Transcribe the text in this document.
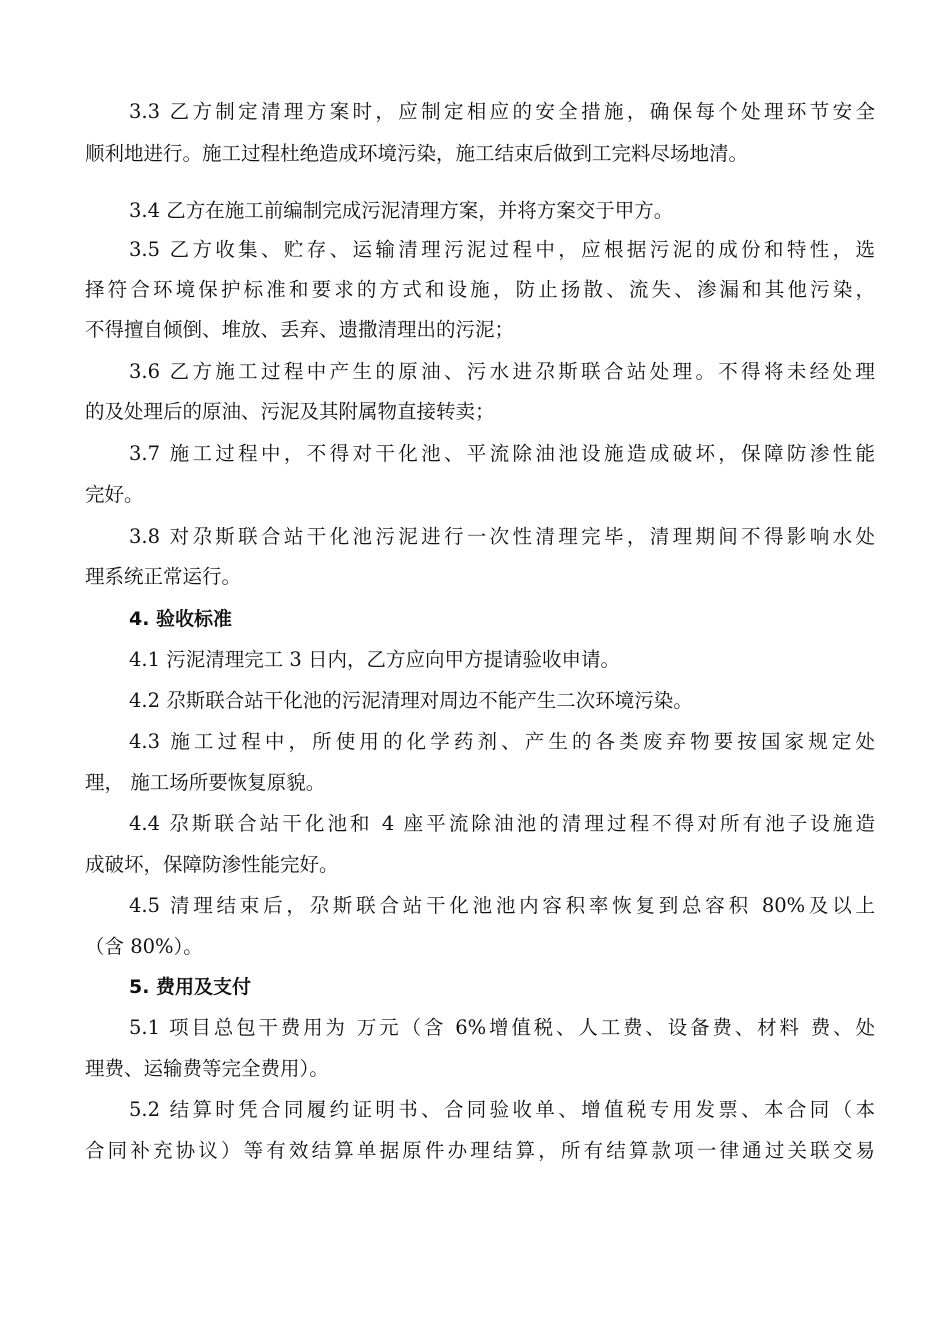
3.3 乙方制定清理方案时，应制定相应的安全措施，确保每个处理环节安全
顺利地进行。施工过程杜绝造成环境污染，施工结束后做到工完料尽场地清。
3.4 乙方在施工前编制完成污泥清理方案，并将方案交于甲方。
3.5 乙方收集、贮存、运输清理污泥过程中，应根据污泥的成份和特性，选
择符合环境保护标准和要求的方式和设施，防止扬散、流失、渗漏和其他污染，
不得擅自倾倒、堆放、丢弃、遗撒清理出的污泥；
3.6 乙方施工过程中产生的原油、污水进尕斯联合站处理。不得将未经处理
的及处理后的原油、污泥及其附属物直接转卖；
3.7 施工过程中，不得对干化池、平流除油池设施造成破坏，保障防渗性能
完好。
3.8 对尕斯联合站干化池污泥进行一次性清理完毕，清理期间不得影响水处
理系统正常运行。
4. 验收标准
4.1 污泥清理完工 3 日内，乙方应向甲方提请验收申请。
4.2 尕斯联合站干化池的污泥清理对周边不能产生二次环境污染。
4.3 施工过程中，所使用的化学药剂、产生的各类废弃物要按国家规定处
理， 施工场所要恢复原貌。
4.4 尕斯联合站干化池和 4 座平流除油池的清理过程不得对所有池子设施造
成破坏，保障防渗性能完好。
4.5 清理结束后，尕斯联合站干化池池内容积率恢复到总容积 80%及以上
（含 80%）。
5. 费用及支付
5.1 项目总包干费用为 万元（含 6%增值税、人工费、设备费、材料 费、处
理费、运输费等完全费用）。
5.2 结算时凭合同履约证明书、合同验收单、增值税专用发票、本合同（本
合同补充协议）等有效结算单据原件办理结算，所有结算款项一律通过关联交易
